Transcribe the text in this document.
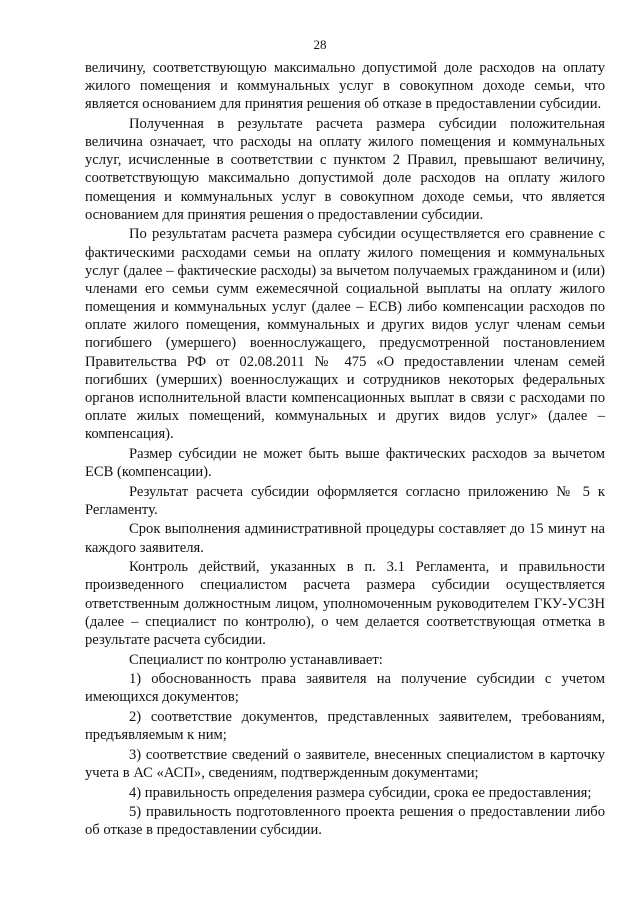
28

величину, соответствующую максимально допустимой доле расходов на оплату жилого помещения и коммунальных услуг в совокупном доходе семьи, что является основанием для принятия решения об отказе в предоставлении субсидии.

Полученная в результате расчета размера субсидии положительная величина означает, что расходы на оплату жилого помещения и коммунальных услуг, исчисленные в соответствии с пунктом 2 Правил, превышают величину, соответствующую максимально допустимой доле расходов на оплату жилого помещения и коммунальных услуг в совокупном доходе семьи, что является основанием для принятия решения о предоставлении субсидии.

По результатам расчета размера субсидии осуществляется его сравнение с фактическими расходами семьи на оплату жилого помещения и коммунальных услуг (далее – фактические расходы) за вычетом получаемых гражданином и (или) членами его семьи сумм ежемесячной социальной выплаты на оплату жилого помещения и коммунальных услуг (далее – ЕСВ) либо компенсации расходов по оплате жилого помещения, коммунальных и других видов услуг членам семьи погибшего (умершего) военнослужащего, предусмотренной постановлением Правительства РФ от 02.08.2011 № 475 «О предоставлении членам семей погибших (умерших) военнослужащих и сотрудников некоторых федеральных органов исполнительной власти компенсационных выплат в связи с расходами по оплате жилых помещений, коммунальных и других видов услуг» (далее – компенсация).

Размер субсидии не может быть выше фактических расходов за вычетом ЕСВ (компенсации).

Результат расчета субсидии оформляется согласно приложению № 5 к Регламенту.

Срок выполнения административной процедуры составляет до 15 минут на каждого заявителя.

Контроль действий, указанных в п. 3.1 Регламента, и правильности произведенного специалистом расчета размера субсидии осуществляется ответственным должностным лицом, уполномоченным руководителем ГКУ-УСЗН (далее – специалист по контролю), о чем делается соответствующая отметка в результате расчета субсидии.

Специалист по контролю устанавливает:

1) обоснованность права заявителя на получение субсидии с учетом имеющихся документов;

2) соответствие документов, представленных заявителем, требованиям, предъявляемым к ним;

3) соответствие сведений о заявителе, внесенных специалистом в карточку учета в АС «АСП», сведениям, подтвержденным документами;

4) правильность определения размера субсидии, срока ее предоставления;

5) правильность подготовленного проекта решения о предоставлении либо об отказе в предоставлении субсидии.
